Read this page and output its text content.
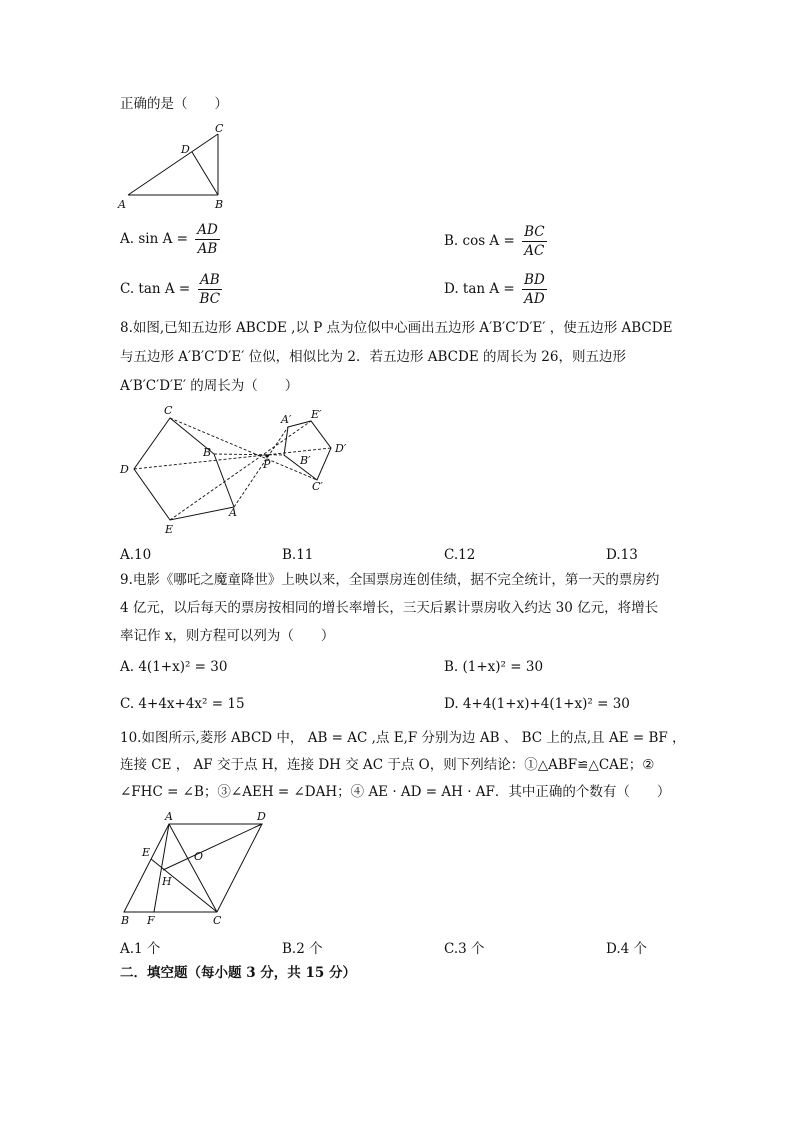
正确的是（　　）
A	B
C
D
A. $\sin A = \frac{AD}{AB}$	B. $\cos A = \frac{BC}{AC}$
C. $\tan A = \frac{AB}{BC}$	D. $\tan A = \frac{BD}{AD}$
8.如图,已知五边形 ABCDE ,以 P 点为位似中心画出五边形 A′B′C′D′E′ ，使五边形 ABCDE
与五边形 A′B′C′D′E′ 位似，相似比为 2．若五边形 ABCDE 的周长为 26，则五边形
A′B′C′D′E′ 的周长为（　　）
C
D
E
A
B
P
A′ E′
D′
C′
B′
A.10	B.11	C.12	D.13
9.电影《哪吒之魔童降世》上映以来，全国票房连创佳绩，据不完全统计，第一天的票房约
4 亿元，以后每天的票房按相同的增长率增长，三天后累计票房收入约达 30 亿元，将增长
率记作 x，则方程可以列为（　　）
A. 4(1+x)² = 30	B. (1+x)² = 30
C. 4+4x+4x² = 15	D. 4+4(1+x)+4(1+x)² = 30
10.如图所示,菱形 ABCD 中， AB = AC ,点 E,F 分别为边 AB 、 BC 上的点,且 AE = BF ，
连接 CE ， AF 交于点 H，连接 DH 交 AC 于点 O，则下列结论：①△ABF≌△CAE；②
∠FHC = ∠B；③∠AEH = ∠DAH；④ AE · AD = AH · AF．其中正确的个数有（　　）
A	D
B F	C
E
H
O
A.1 个	B.2 个	C.3 个	D.4 个
二．填空题（每小题 3 分，共 15 分）
